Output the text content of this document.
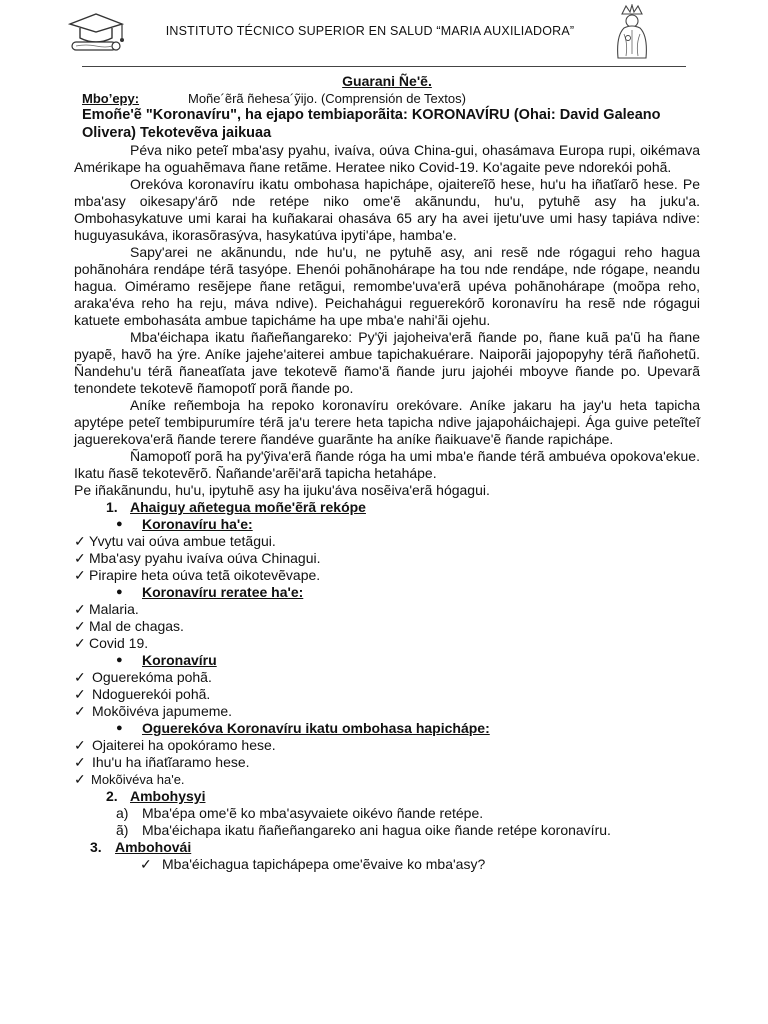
INSTITUTO TÉCNICO SUPERIOR EN SALUD “MARIA AUXILIADORA”
Guarani Ñe'ẽ.
Mbo’epy:	Moñe´ẽrã ñehesa´ỹijo. (Comprensión de Textos)
Emoñe'ẽ "Koronavíru", ha ejapo tembiaporãita: KORONAVÍRU (Ohai: David Galeano Olivera) Tekotevẽva jaikuaa

Péva niko peteĩ mba'asy pyahu, ivaíva, oúva China-gui, ohasámava Europa rupi, oikémava Amérikape ha oguahẽmava ñane retãme. Heratee niko Covid-19. Ko'agaite peve ndorekói pohã.

Orekóva koronavíru ikatu ombohasa hapichápe, ojaitereĩõ hese, hu'u ha iñatĩarõ hese. Pe mba'asy oikesapy'árõ nde retépe niko ome'ẽ akãnundu, hu'u, pytuhẽ asy ha juku'a. Ombohasykatuve umi karai ha kuñakarai ohasáva 65 ary ha avei ijetu'uve umi hasy tapiáva ndive: huguyasukáva, ikorasõrasýva, hasykatúva ipyti'ápe, hamba'e.

Sapy'arei ne akãnundu, nde hu'u, ne pytuhẽ asy, ani resẽ nde rógagui reho hagua pohãnohára rendápe térã tasyópe. Ehenói pohãnohárape ha tou nde rendápe, nde rógape, neandu hagua. Oiméramo resẽjepe ñane retãgui, remombe'uva'erã upéva pohãnohárape (moõpa reho, araka'éva reho ha reju, máva ndive). Peichahágui reguerekórõ koronavíru ha resẽ nde rógagui katuete embohasáta ambue tapicháme ha upe mba'e nahi'ãi ojehu.

Mba'éichapa ikatu ñañeñangareko: Py'ỹi jajoheiva'erã ñande po, ñane kuã pa'ũ ha ñane pyapẽ, havõ ha ýre. Aníke jajehe'aiterei ambue tapichakuérare. Naiporãi jajopopyhy térã ñañohetũ. Ñandehu'u térã ñaneatĩata jave tekotevẽ ñamo'ã ñande juru jajohéi mboyve ñande po. Upevarã tenondete tekotevẽ ñamopotĩ porã ñande po.

Aníke reñemboja ha repoko koronavíru orekóvare. Aníke jakaru ha jay'u heta tapicha apytépe peteĩ tembipurumíre térã ja'u terere heta tapicha ndive jajapoháichajepi. Ága guive peteĩteĩ jaguerekova'erã ñande terere ñandéve guarãnte ha aníke ñaikuave'ẽ ñande rapichápe.

Ñamopotĩ porã ha py'ỹiva'erã ñande róga ha umi mba'e ñande térã ambuéva opokova'ekue. Ikatu ñasẽ tekotevẽrõ. Ñañande'arẽi'arã tapicha hetahápe.

Pe iñakãnundu, hu'u, ipytuhẽ asy ha ijuku'áva nosẽiva'erã hógagui.

1. Ahaiguy añetegua moñe'ẽrã rekópe
● Koronavíru ha'e:
✓ Yvytu vai oúva ambue tetãgui.
✓ Mba'asy pyahu ivaíva oúva Chinagui.
✓ Pirapire heta oúva tetã oikotevẽvape.
● Koronavíru reratee ha'e:
✓ Malaria.
✓ Mal de chagas.
✓ Covid 19.
● Koronavíru
✓ Oguerekóma pohã.
✓ Ndoguerekói pohã.
✓ Mokõivéva japumeme.
● Oguerekóva Koronavíru ikatu ombohasa hapichápe:
✓ Ojaiterei ha opokóramo hese.
✓ Ihu'u ha iñatĩaramo hese.
✓ Mokõivéva ha'e.
2. Ambohysyi
a) Mba'épa ome'ẽ ko mba'asyvaiete oikévo ñande retépe.
ã) Mba'éichapa ikatu ñañeñangareko ani hagua oike ñande retépe koronavíru.
3. Ambohovái
✓ Mba'éichagua tapichápepa ome'ẽvaive ko mba'asy?
